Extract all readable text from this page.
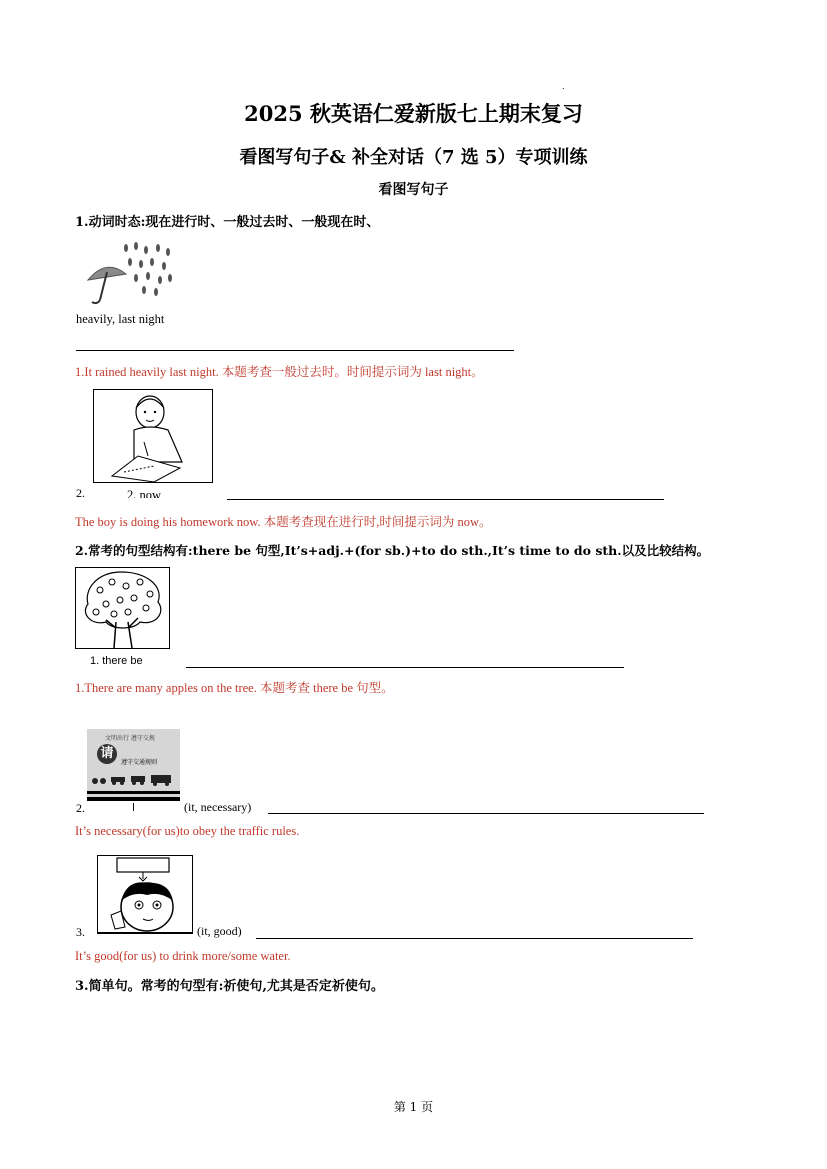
.
2025 秋英语仁爱新版七上期末复习
看图写句子& 补全对话（7 选 5）专项训练
看图写句子
1.动词时态:现在进行时、一般过去时、一般现在时、
heavily, last night
1.It rained heavily last night. 本题考查一般过去时。时间提示词为 last night。
2.	2. now
The boy is doing his homework now. 本题考查现在进行时,时间提示词为 now。
2.常考的句型结构有:there be 句型,It’s+adj.+(for sb.)+to do sth.,It’s time to do sth.以及比较结构。
1. there be
1.There are many apples on the tree. 本题考查 there be 句型。
文明出行 遵守交规
请
遵守交通规则
2.	(it, necessary)
It’s necessary(for us)to obey the traffic rules.
3.	(it, good)
It’s good(for us) to drink more/some water.
3.简单句。常考的句型有:祈使句,尤其是否定祈使句。
第 1 页
